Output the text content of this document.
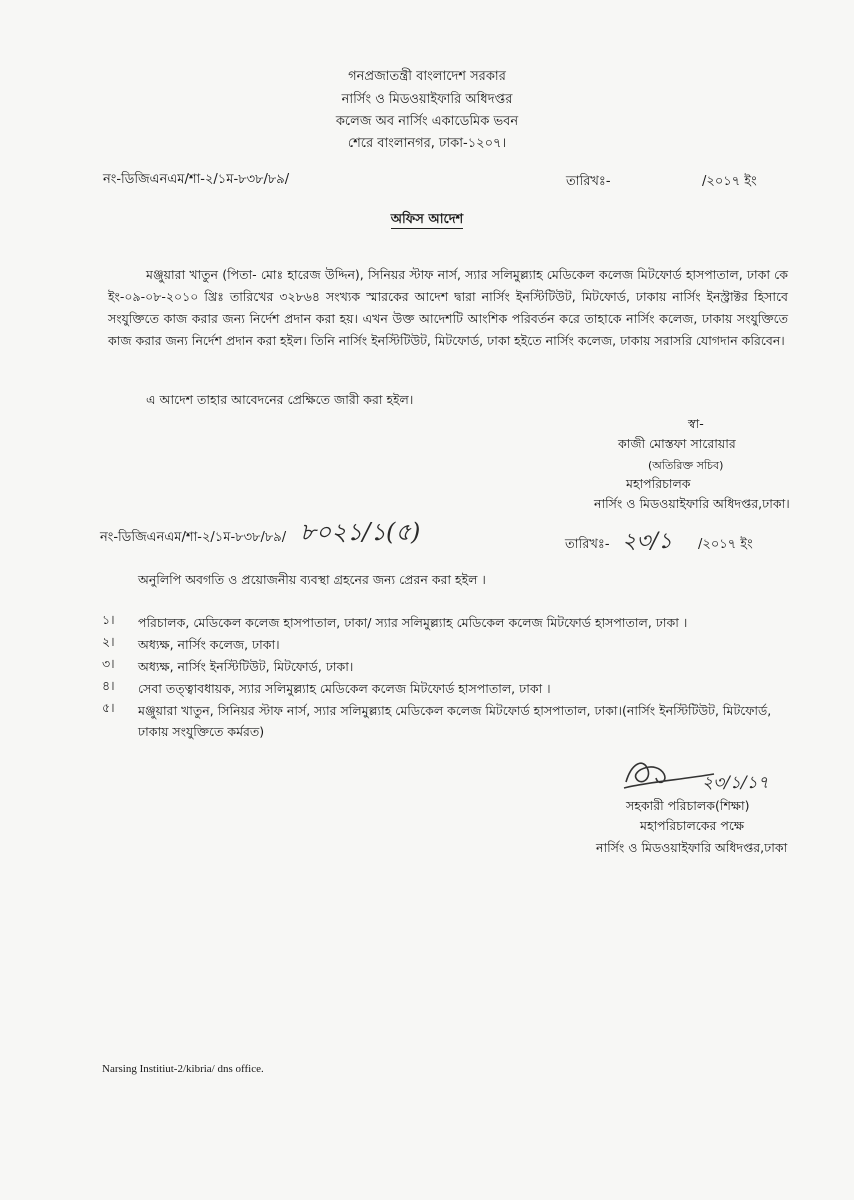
গনপ্রজাতন্ত্রী বাংলাদেশ সরকার
নার্সিং ও মিডওয়াইফারি অধিদপ্তর
কলেজ অব নার্সিং একাডেমিক ভবন
শেরে বাংলানগর, ঢাকা-১২০৭।
নং-ডিজিএনএম/শা-২/১ম-৮৩৮/৮৯/	তারিখঃ-	/২০১৭ ইং
অফিস আদেশ
মঞ্জুয়ারা খাতুন (পিতা- মোঃ হারেজ উদ্দিন), সিনিয়র স্টাফ নার্স, স্যার সলিমুল্ল্যাহ মেডিকেল কলেজ মিটফোর্ড হাসপাতাল, ঢাকা কে ইং-০৯-০৮-২০১০ খ্রিঃ তারিখের ৩২৮৬৪ সংখ্যক স্মারকের আদেশ দ্বারা নার্সিং ইনস্টিটিউট, মিটফোর্ড, ঢাকায় নার্সিং ইনস্ট্রাক্টর হিসাবে সংযুক্তিতে কাজ করার জন্য নির্দেশ প্রদান করা হয়। এখন উক্ত আদেশটি আংশিক পরিবর্তন করে তাহাকে নার্সিং কলেজ, ঢাকায় সংযুক্তিতে কাজ করার জন্য নির্দেশ প্রদান করা হইল। তিনি নার্সিং ইনস্টিটিউট, মিটফোর্ড, ঢাকা হইতে নার্সিং কলেজ, ঢাকায় সরাসরি যোগদান করিবেন।
এ আদেশ তাহার আবেদনের প্রেক্ষিতে জারী করা হইল।
স্বা-
কাজী মোস্তফা সারোয়ার
(অতিরিক্ত সচিব)
মহাপরিচালক
নার্সিং ও মিডওয়াইফারি অধিদপ্তর,ঢাকা।
নং-ডিজিএনএম/শা-২/১ম-৮৩৮/৮৯/ ৮০২১/১(৫)	তারিখঃ- ২৩/১ /২০১৭ ইং
অনুলিপি অবগতি ও প্রয়োজনীয় ব্যবস্থা গ্রহনের জন্য প্রেরন করা হইল ।
১। পরিচালক, মেডিকেল কলেজ হাসপাতাল, ঢাকা/ স্যার সলিমুল্ল্যাহ মেডিকেল কলেজ মিটফোর্ড হাসপাতাল, ঢাকা ।
২। অধ্যক্ষ, নার্সিং কলেজ, ঢাকা।
৩। অধ্যক্ষ, নার্সিং ইনস্টিটিউট, মিটফোর্ড, ঢাকা।
৪। সেবা তত্ত্বাবধায়ক, স্যার সলিমুল্ল্যাহ মেডিকেল কলেজ মিটফোর্ড হাসপাতাল, ঢাকা ।
৫। মঞ্জুয়ারা খাতুন, সিনিয়র স্টাফ নার্স, স্যার সলিমুল্ল্যাহ মেডিকেল কলেজ মিটফোর্ড হাসপাতাল, ঢাকা।(নার্সিং ইনস্টিটিউট, মিটফোর্ড, ঢাকায় সংযুক্তিতে কর্মরত)
২৩/১/১৭
সহকারী পরিচালক(শিক্ষা)
মহাপরিচালকের পক্ষে
নার্সিং ও মিডওয়াইফারি অধিদপ্তর,ঢাকা
Narsing Institiut-2/kibria/ dns office.
